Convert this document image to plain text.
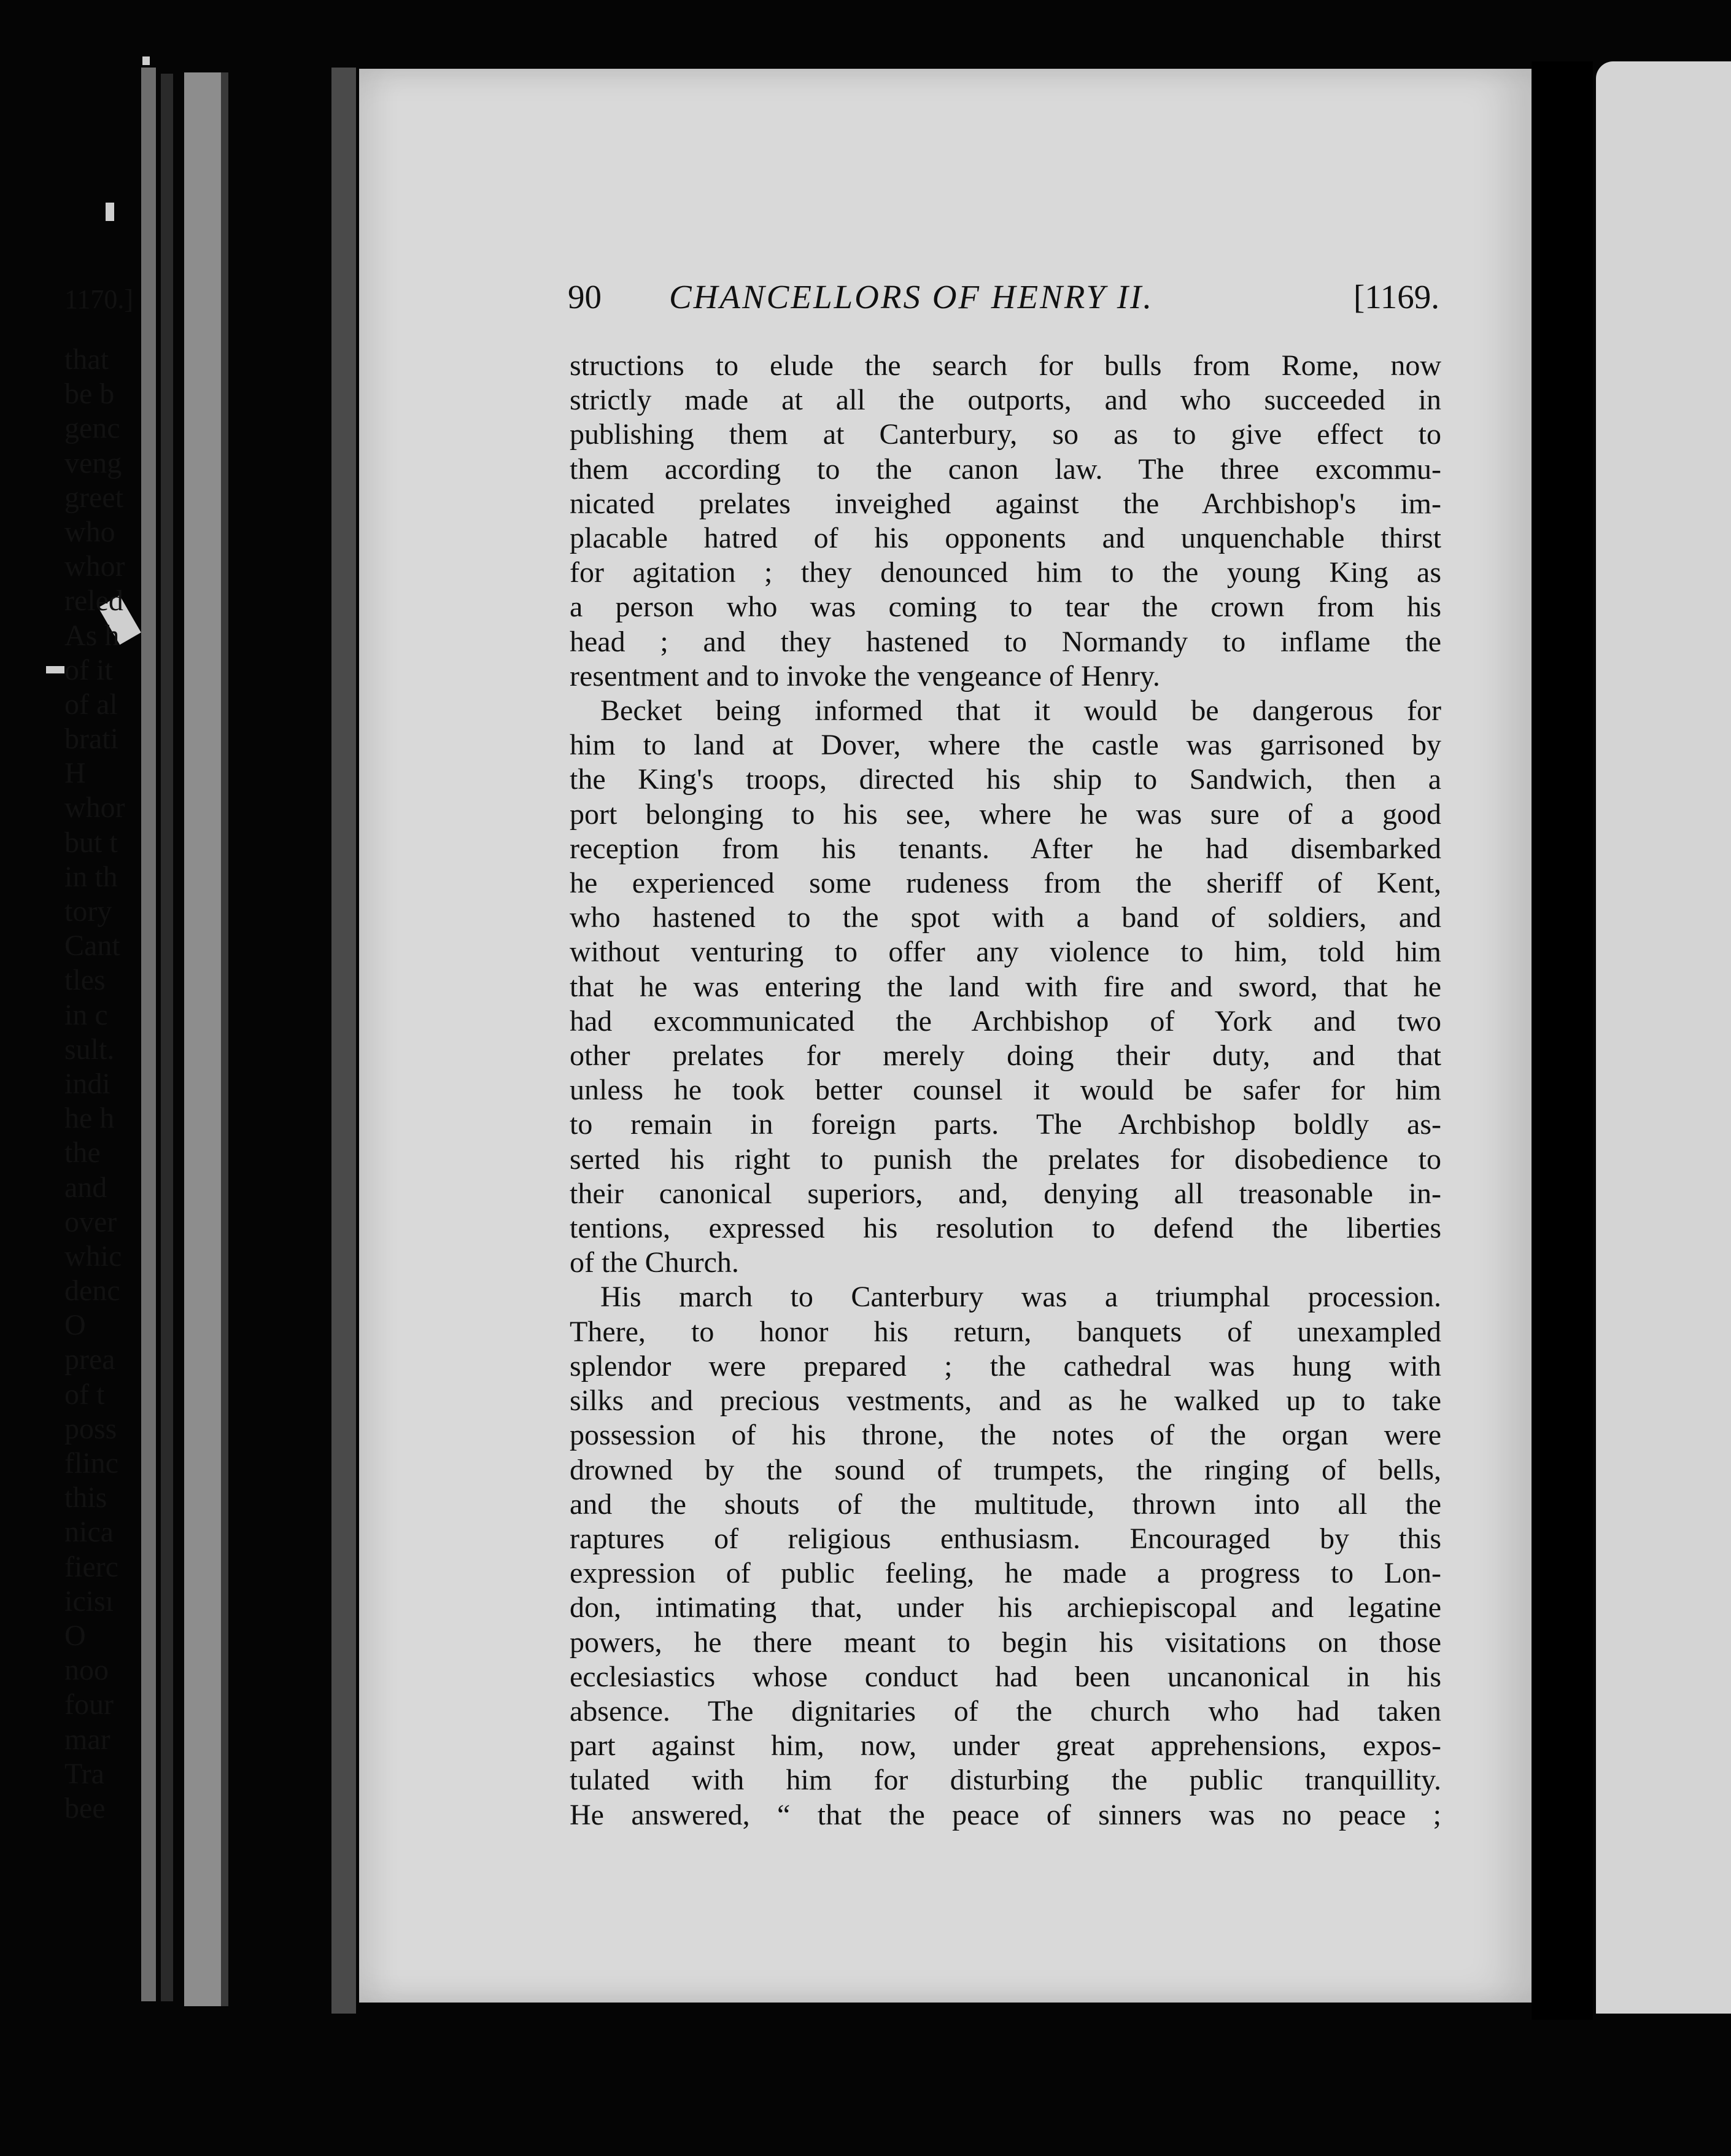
90 CHANCELLORS OF HENRY II.	[1169.

structions to elude the search for bulls from Rome, now
strictly made at all the outports, and who succeeded in
publishing them at Canterbury, so as to give effect to
them according to the canon law. The three excommu-
nicated prelates inveighed against the Archbishop's im-
placable hatred of his opponents and unquenchable thirst
for agitation ; they denounced him to the young King as
a person who was coming to tear the crown from his
head ; and they hastened to Normandy to inflame the
resentment and to invoke the vengeance of Henry.

Becket being informed that it would be dangerous for
him to land at Dover, where the castle was garrisoned by
the King's troops, directed his ship to Sandwich, then a
port belonging to his see, where he was sure of a good
reception from his tenants. After he had disembarked
he experienced some rudeness from the sheriff of Kent,
who hastened to the spot with a band of soldiers, and
without venturing to offer any violence to him, told him
that he was entering the land with fire and sword, that he
had excommunicated the Archbishop of York and two
other prelates for merely doing their duty, and that
unless he took better counsel it would be safer for him
to remain in foreign parts. The Archbishop boldly as-
serted his right to punish the prelates for disobedience to
their canonical superiors, and, denying all treasonable in-
tentions, expressed his resolution to defend the liberties
of the Church.

His march to Canterbury was a triumphal procession.
There, to honor his return, banquets of unexampled
splendor were prepared ; the cathedral was hung with
silks and precious vestments, and as he walked up to take
possession of his throne, the notes of the organ were
drowned by the sound of trumpets, the ringing of bells,
and the shouts of the multitude, thrown into all the
raptures of religious enthusiasm. Encouraged by this
expression of public feeling, he made a progress to Lon-
don, intimating that, under his archiepiscopal and legatine
powers, he there meant to begin his visitations on those
ecclesiastics whose conduct had been uncanonical in his
absence. The dignitaries of the church who had taken
part against him, now, under great apprehensions, expos-
tulated with him for disturbing the public tranquillity.
He answered, “ that the peace of sinners was no peace ;

1170.]
that
be b
genc
veng
greet
who
whor
reled
As h
of it
of al
brati
H
whor
but t
in th
tory
Cant
tles
in c
sult.
indi
he h
the
and
over
whic
denc
O
prea
of t
poss
flinc
this
nica
fierc
icisı
O
noo
four
mar
Tra
bee
